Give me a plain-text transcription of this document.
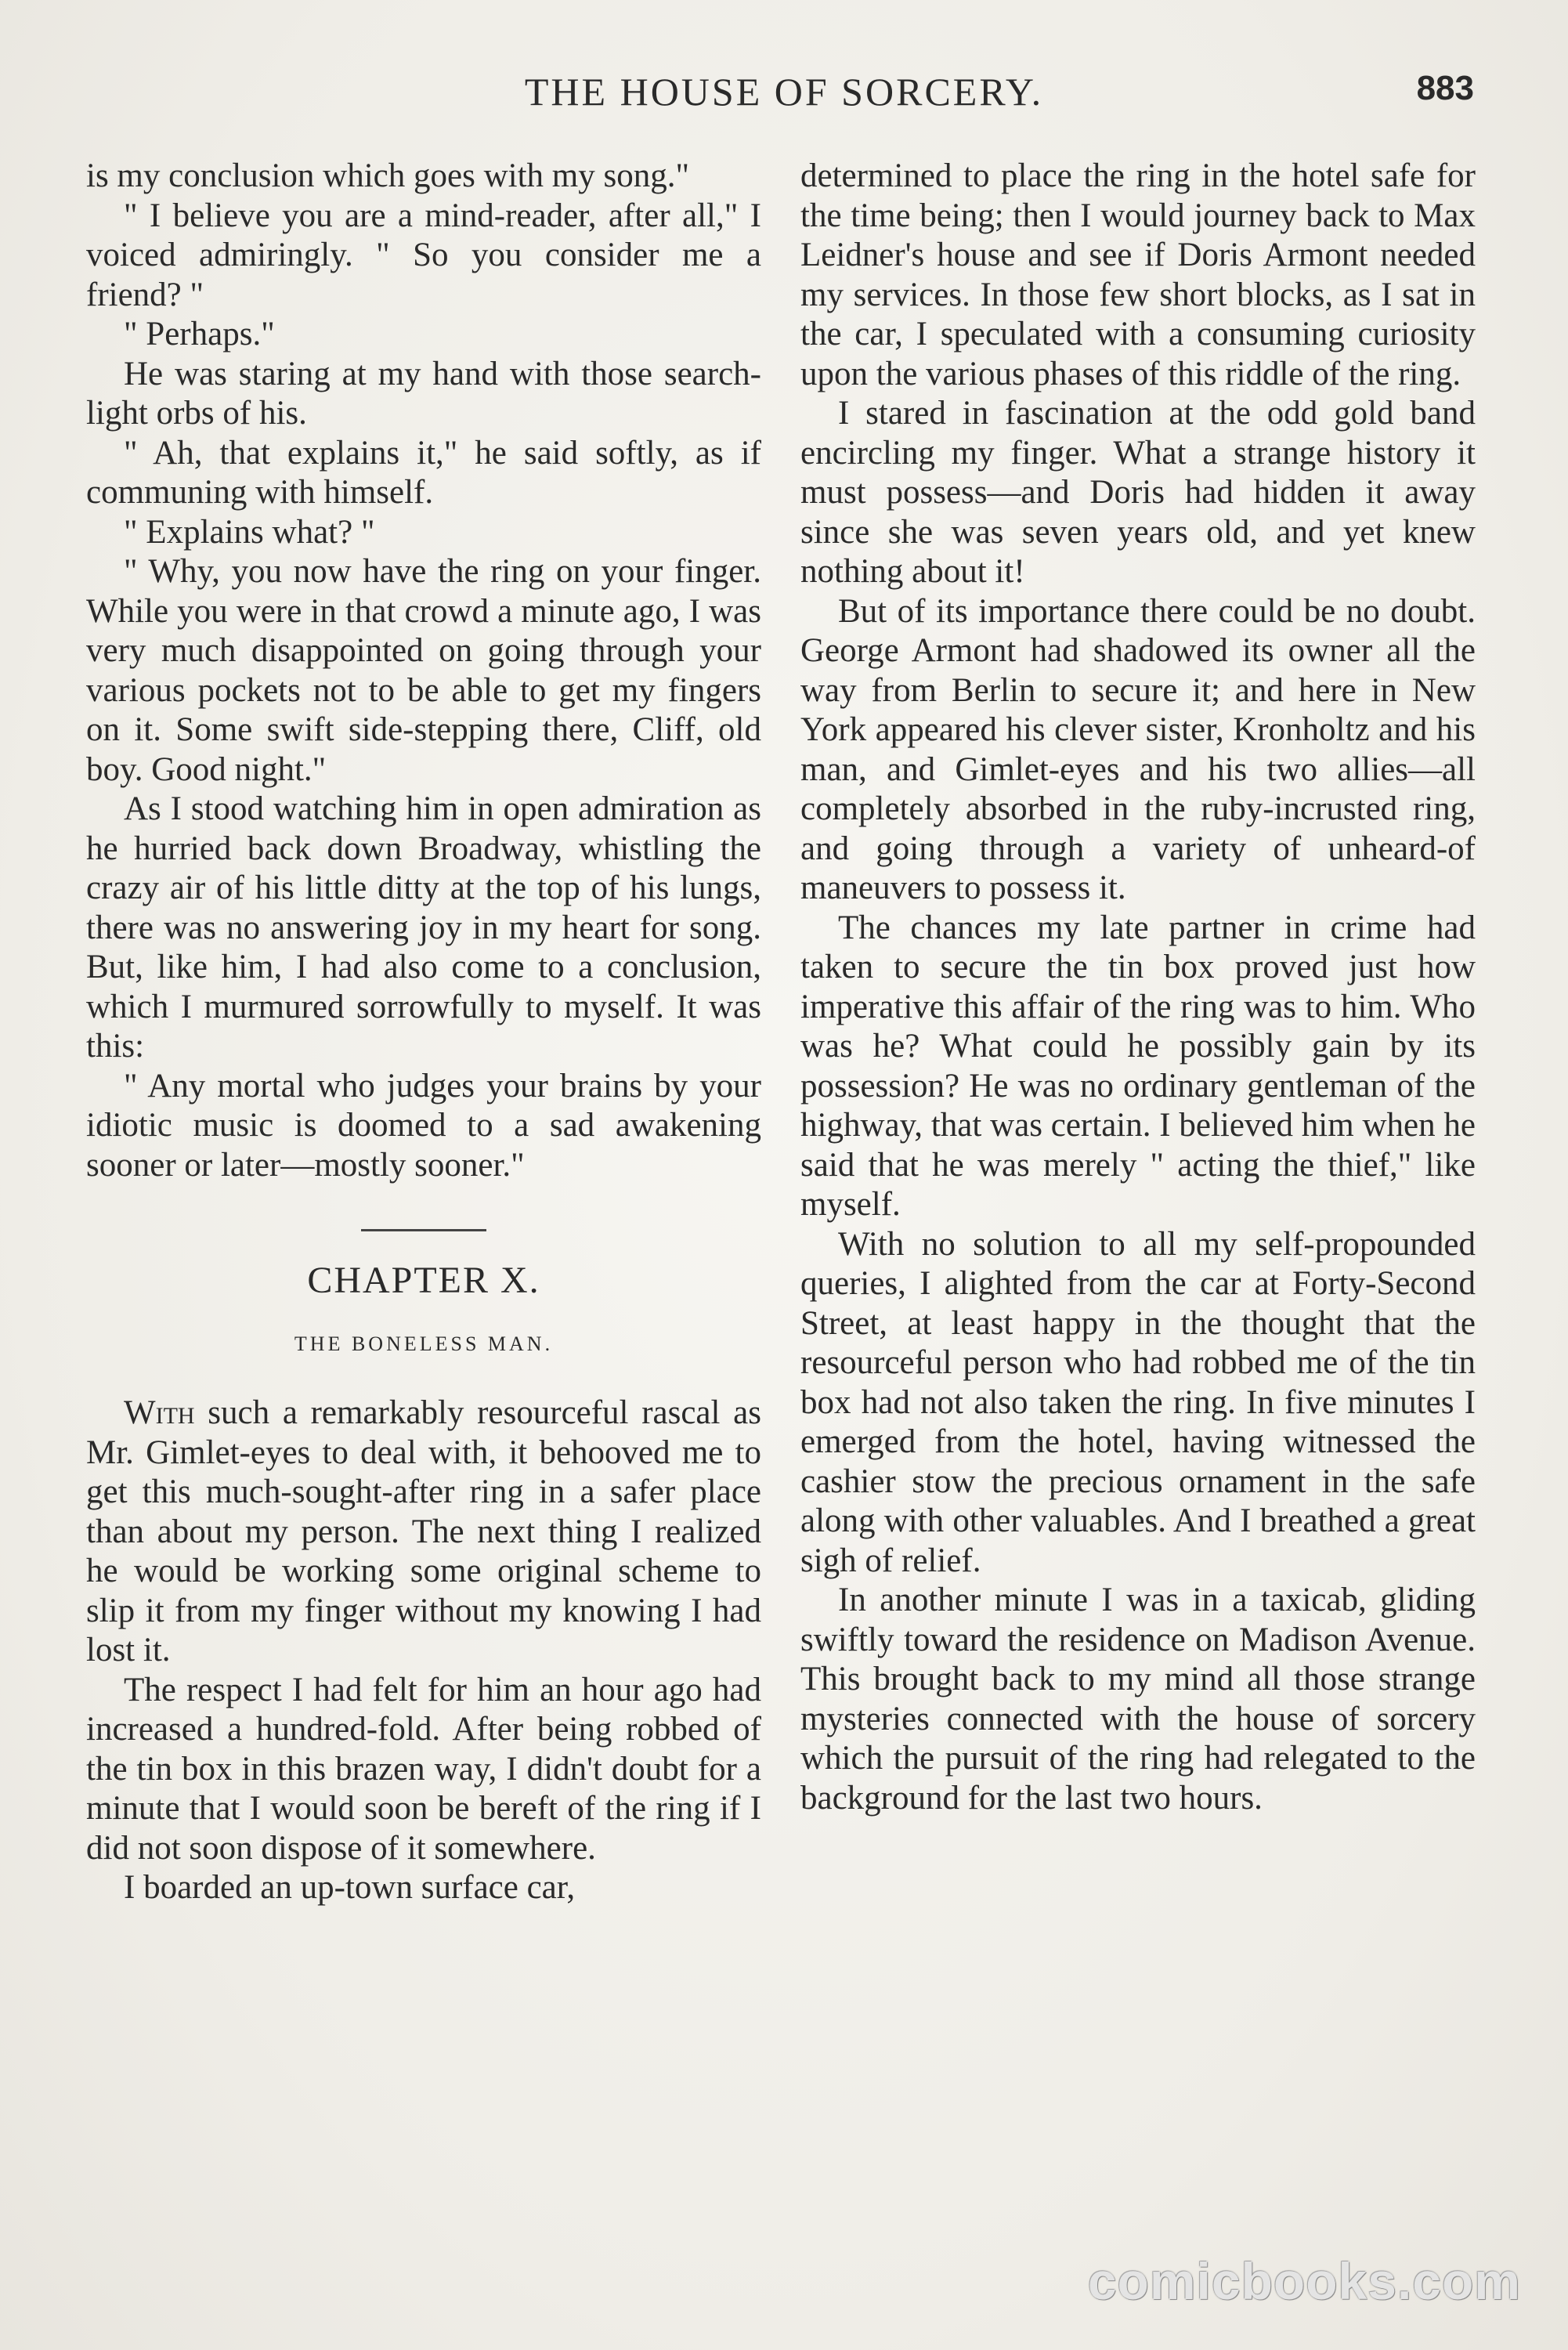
THE HOUSE OF SORCERY.	883

is my conclusion which goes with my song."

" I believe you are a mind-reader, after all," I voiced admiringly. " So you consider me a friend? "

" Perhaps."

He was staring at my hand with those search-light orbs of his.

" Ah, that explains it," he said softly, as if communing with himself.

" Explains what? "

" Why, you now have the ring on your finger. While you were in that crowd a minute ago, I was very much disappointed on going through your various pockets not to be able to get my fingers on it. Some swift side-stepping there, Cliff, old boy. Good night."

As I stood watching him in open admiration as he hurried back down Broadway, whistling the crazy air of his little ditty at the top of his lungs, there was no answering joy in my heart for song. But, like him, I had also come to a conclusion, which I murmured sorrowfully to myself. It was this:

" Any mortal who judges your brains by your idiotic music is doomed to a sad awakening sooner or later—mostly sooner."

CHAPTER X.
THE BONELESS MAN.

With such a remarkably resourceful rascal as Mr. Gimlet-eyes to deal with, it behooved me to get this much-sought-after ring in a safer place than about my person. The next thing I realized he would be working some original scheme to slip it from my finger without my knowing I had lost it.

The respect I had felt for him an hour ago had increased a hundred-fold. After being robbed of the tin box in this brazen way, I didn't doubt for a minute that I would soon be bereft of the ring if I did not soon dispose of it somewhere.

I boarded an up-town surface car,

determined to place the ring in the hotel safe for the time being; then I would journey back to Max Leidner's house and see if Doris Armont needed my services. In those few short blocks, as I sat in the car, I speculated with a consuming curiosity upon the various phases of this riddle of the ring.

I stared in fascination at the odd gold band encircling my finger. What a strange history it must possess—and Doris had hidden it away since she was seven years old, and yet knew nothing about it!

But of its importance there could be no doubt. George Armont had shadowed its owner all the way from Berlin to secure it; and here in New York appeared his clever sister, Kronholtz and his man, and Gimlet-eyes and his two allies—all completely absorbed in the ruby-incrusted ring, and going through a variety of unheard-of maneuvers to possess it.

The chances my late partner in crime had taken to secure the tin box proved just how imperative this affair of the ring was to him. Who was he? What could he possibly gain by its possession? He was no ordinary gentleman of the highway, that was certain. I believed him when he said that he was merely " acting the thief," like myself.

With no solution to all my self-propounded queries, I alighted from the car at Forty-Second Street, at least happy in the thought that the resourceful person who had robbed me of the tin box had not also taken the ring. In five minutes I emerged from the hotel, having witnessed the cashier stow the precious ornament in the safe along with other valuables. And I breathed a great sigh of relief.

In another minute I was in a taxicab, gliding swiftly toward the residence on Madison Avenue. This brought back to my mind all those strange mysteries connected with the house of sorcery which the pursuit of the ring had relegated to the background for the last two hours.

comicbooks.com
